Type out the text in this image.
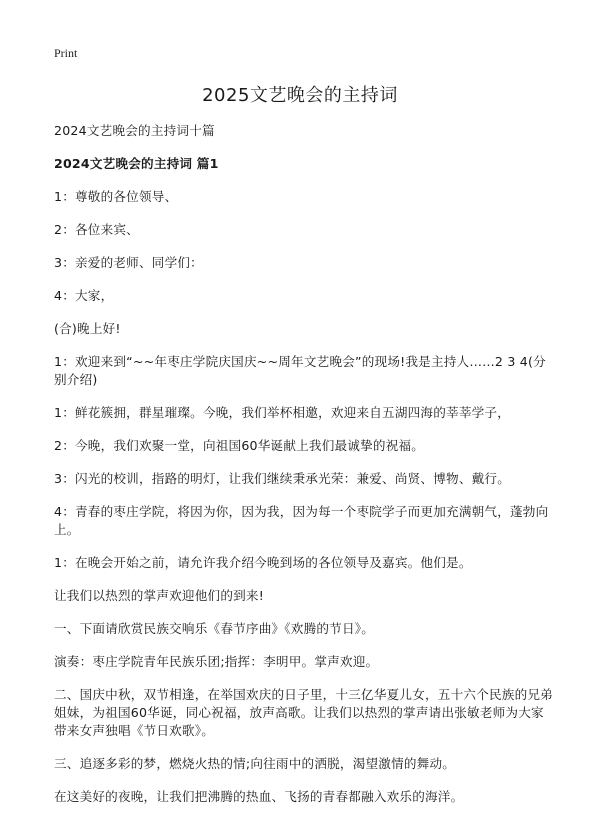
Print
2025文艺晚会的主持词

2024文艺晚会的主持词十篇

2024文艺晚会的主持词 篇1

1：尊敬的各位领导、

2：各位来宾、

3：亲爱的老师、同学们：

4：大家，

(合)晚上好!

1：欢迎来到“~~年枣庄学院庆国庆~~周年文艺晚会”的现场!我是主持人……2 3 4(分别介绍)

1：鲜花簇拥，群星璀璨。今晚，我们举杯相邀，欢迎来自五湖四海的莘莘学子，

2：今晚，我们欢聚一堂，向祖国60华诞献上我们最诚挚的祝福。

3：闪光的校训，指路的明灯，让我们继续秉承光荣：兼爱、尚贤、博物、戴行。

4：青春的枣庄学院，将因为你，因为我，因为每一个枣院学子而更加充满朝气，蓬勃向上。

1：在晚会开始之前，请允许我介绍今晚到场的各位领导及嘉宾。他们是。

让我们以热烈的掌声欢迎他们的到来!

一、下面请欣赏民族交响乐《春节序曲》《欢腾的节日》。

演奏：枣庄学院青年民族乐团;指挥：李明甲。掌声欢迎。

二、国庆中秋，双节相逢，在举国欢庆的日子里，十三亿华夏儿女，五十六个民族的兄弟姐妹，为祖国60华诞，同心祝福，放声高歌。让我们以热烈的掌声请出张敏老师为大家带来女声独唱《节日欢歌》。

三、追逐多彩的梦，燃烧火热的情;向往雨中的洒脱，渴望激情的舞动。

在这美好的夜晚，让我们把沸腾的热血、飞扬的青春都融入欢乐的海洋。
